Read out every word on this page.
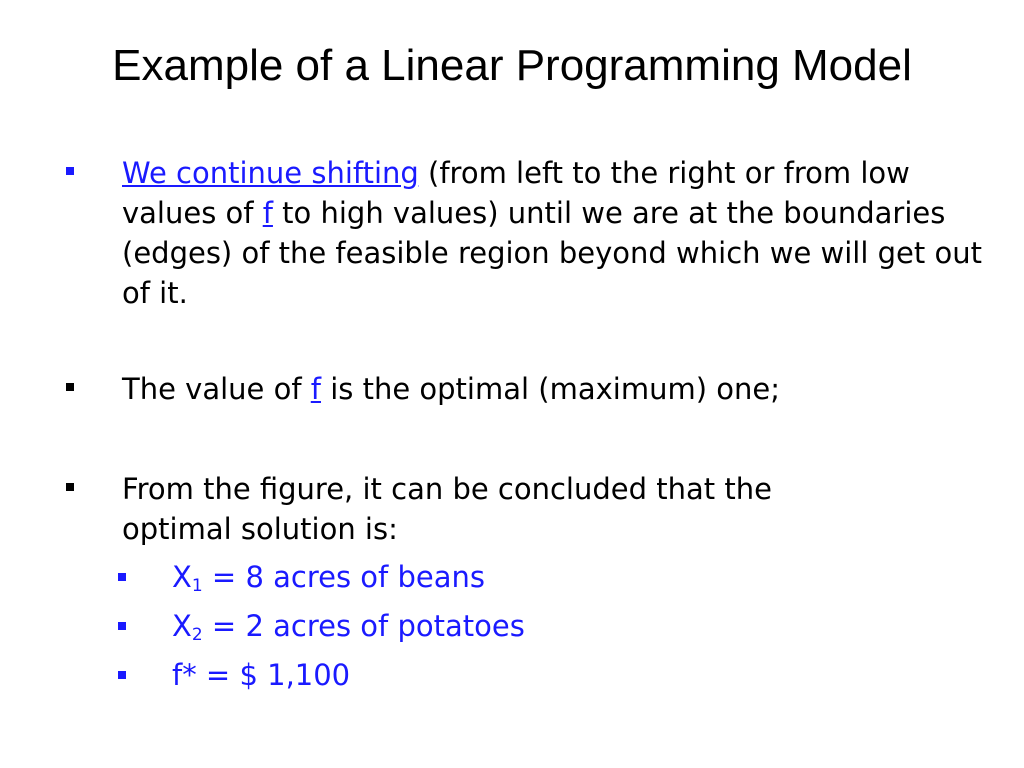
Example of a Linear Programming Model
We continue shifting (from left to the right or from low values of f to high values) until we are at the boundaries (edges) of the feasible region beyond which we will get out of it.
The value of f is the optimal (maximum) one;
From the figure, it can be concluded that the optimal solution is:
$X_1 = 8$ acres of beans
$X_2 = 2$ acres of potatoes
f* = $ 1,100
